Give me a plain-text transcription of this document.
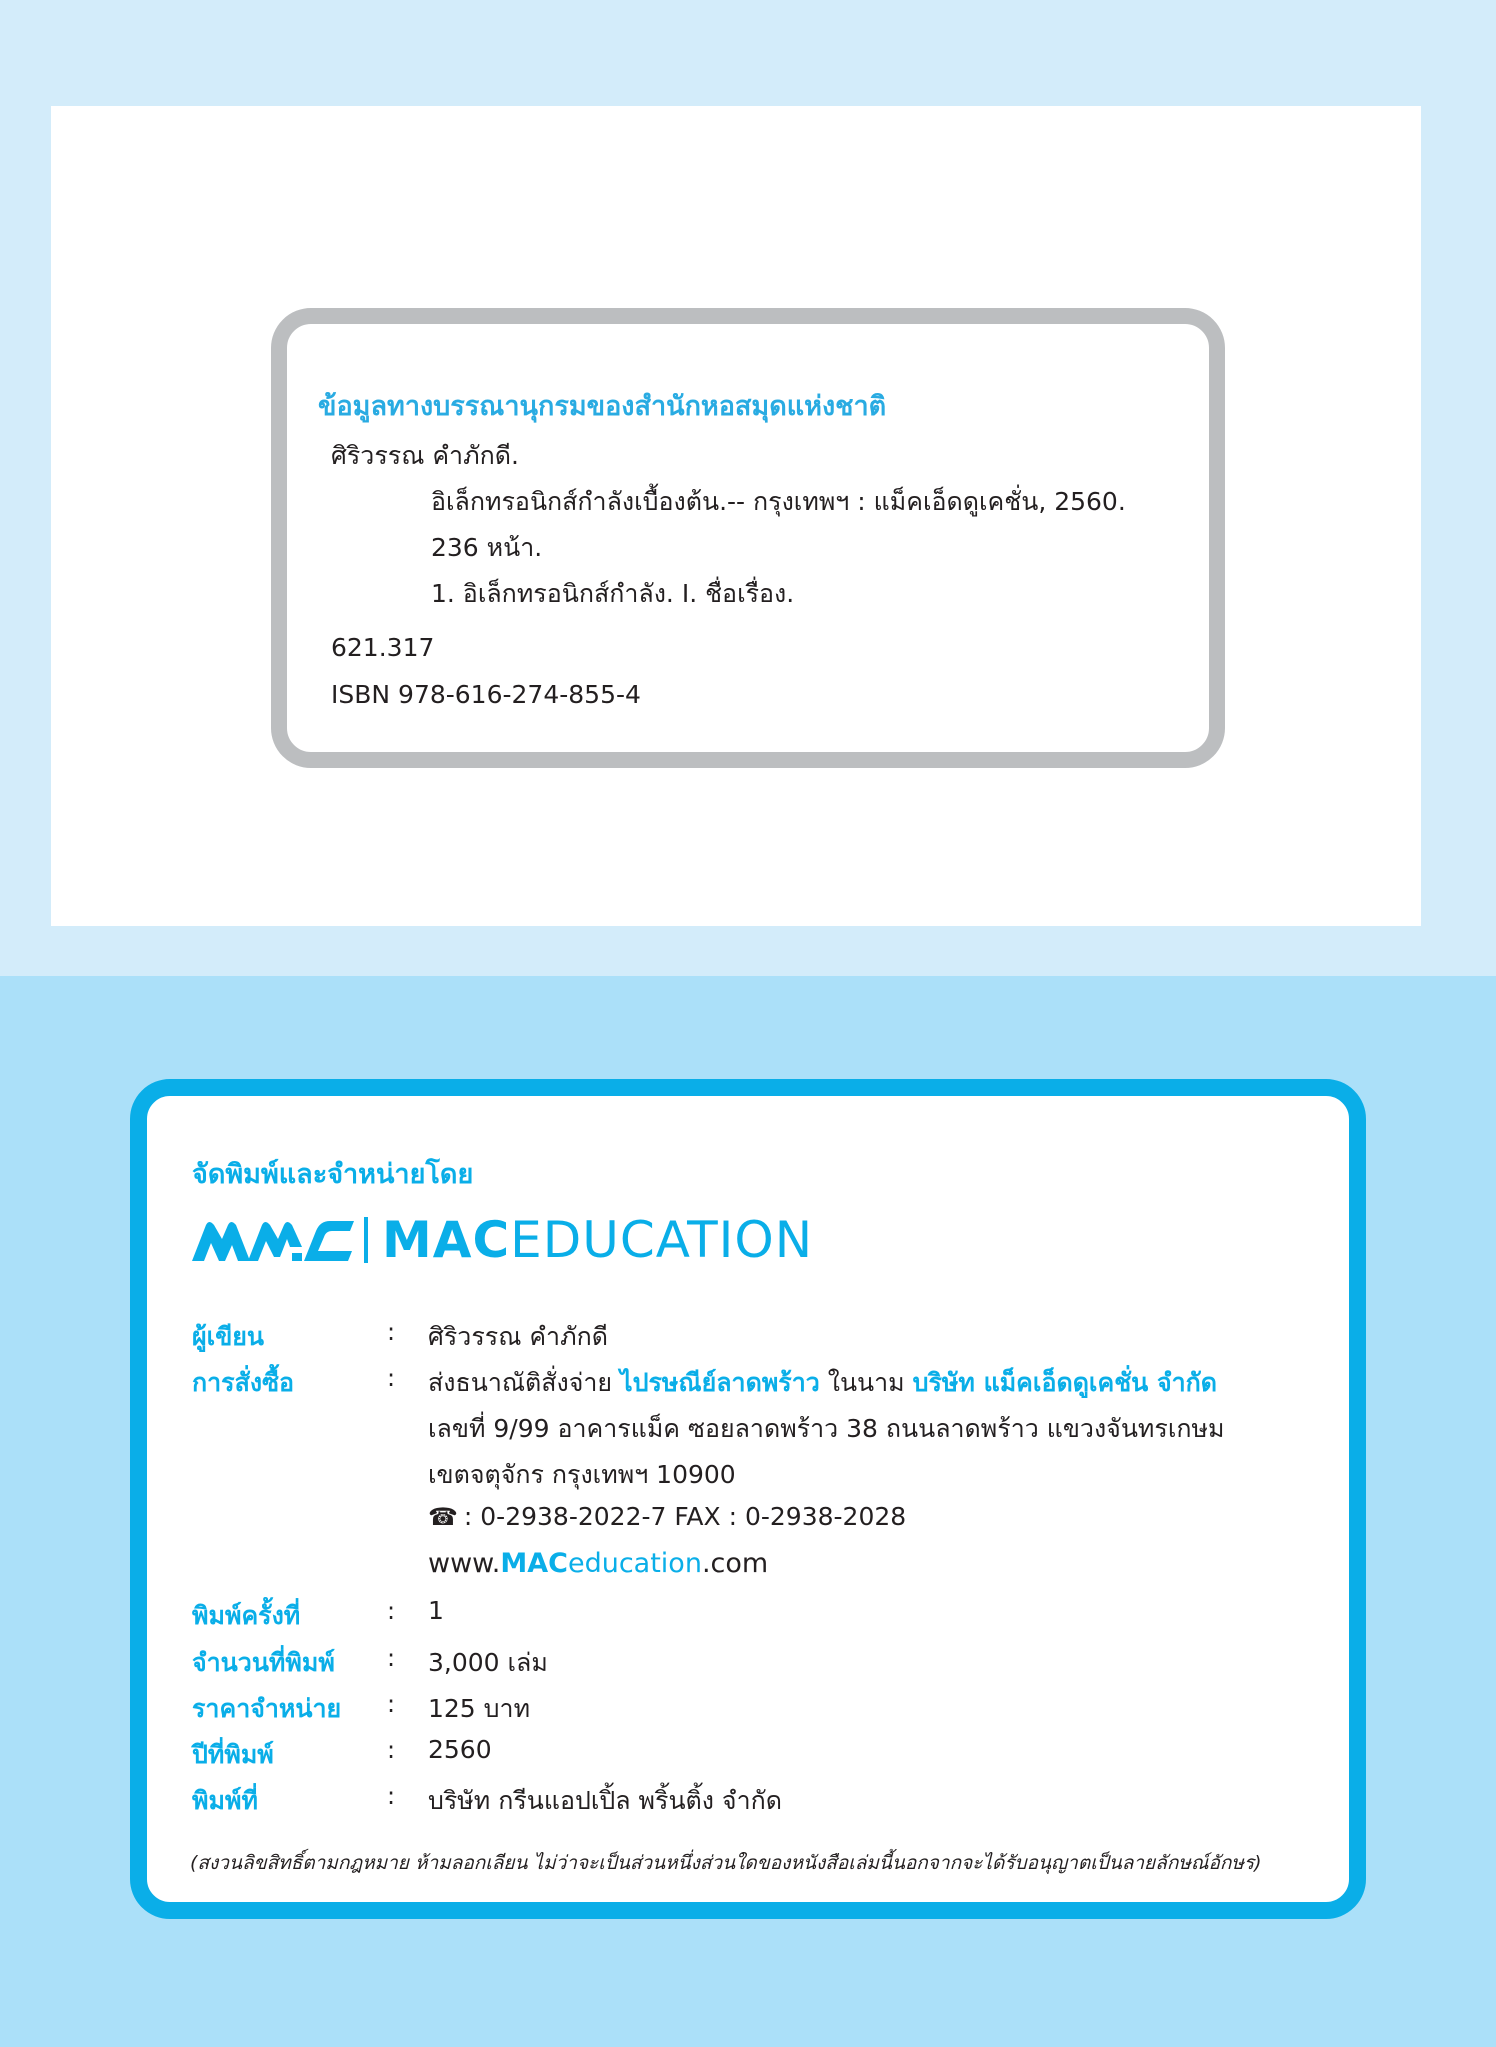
ข้อมูลทางบรรณานุกรมของสำนักหอสมุดแห่งชาติ
ศิริวรรณ คำภักดี.
อิเล็กทรอนิกส์กำลังเบื้องต้น.-- กรุงเทพฯ : แม็คเอ็ดดูเคชั่น, 2560.
236 หน้า.
1. อิเล็กทรอนิกส์กำลัง. I. ชื่อเรื่อง.
621.317
ISBN 978-616-274-855-4
จัดพิมพ์และจำหน่ายโดย
MAC EDUCATION
ผู้เขียน	: ศิริวรรณ คำภักดี
การสั่งซื้อ	: ส่งธนาณัติสั่งจ่าย ไปรษณีย์ลาดพร้าว ในนาม บริษัท แม็คเอ็ดดูเคชั่น จำกัด
เลขที่ 9/99 อาคารแม็ค ซอยลาดพร้าว 38 ถนนลาดพร้าว แขวงจันทรเกษม
เขตจตุจักร กรุงเทพฯ 10900
☎ : 0-2938-2022-7 FAX : 0-2938-2028
www.MACeducation.com
พิมพ์ครั้งที่	: 1
จำนวนที่พิมพ์ : 3,000 เล่ม
ราคาจำหน่าย : 125 บาท
ปีที่พิมพ์	: 2560
พิมพ์ที่	: บริษัท กรีนแอปเปิ้ล พริ้นติ้ง จำกัด
(สงวนลิขสิทธิ์ตามกฎหมาย ห้ามลอกเลียน ไม่ว่าจะเป็นส่วนหนึ่งส่วนใดของหนังสือเล่มนี้นอกจากจะได้รับอนุญาตเป็นลายลักษณ์อักษร)
